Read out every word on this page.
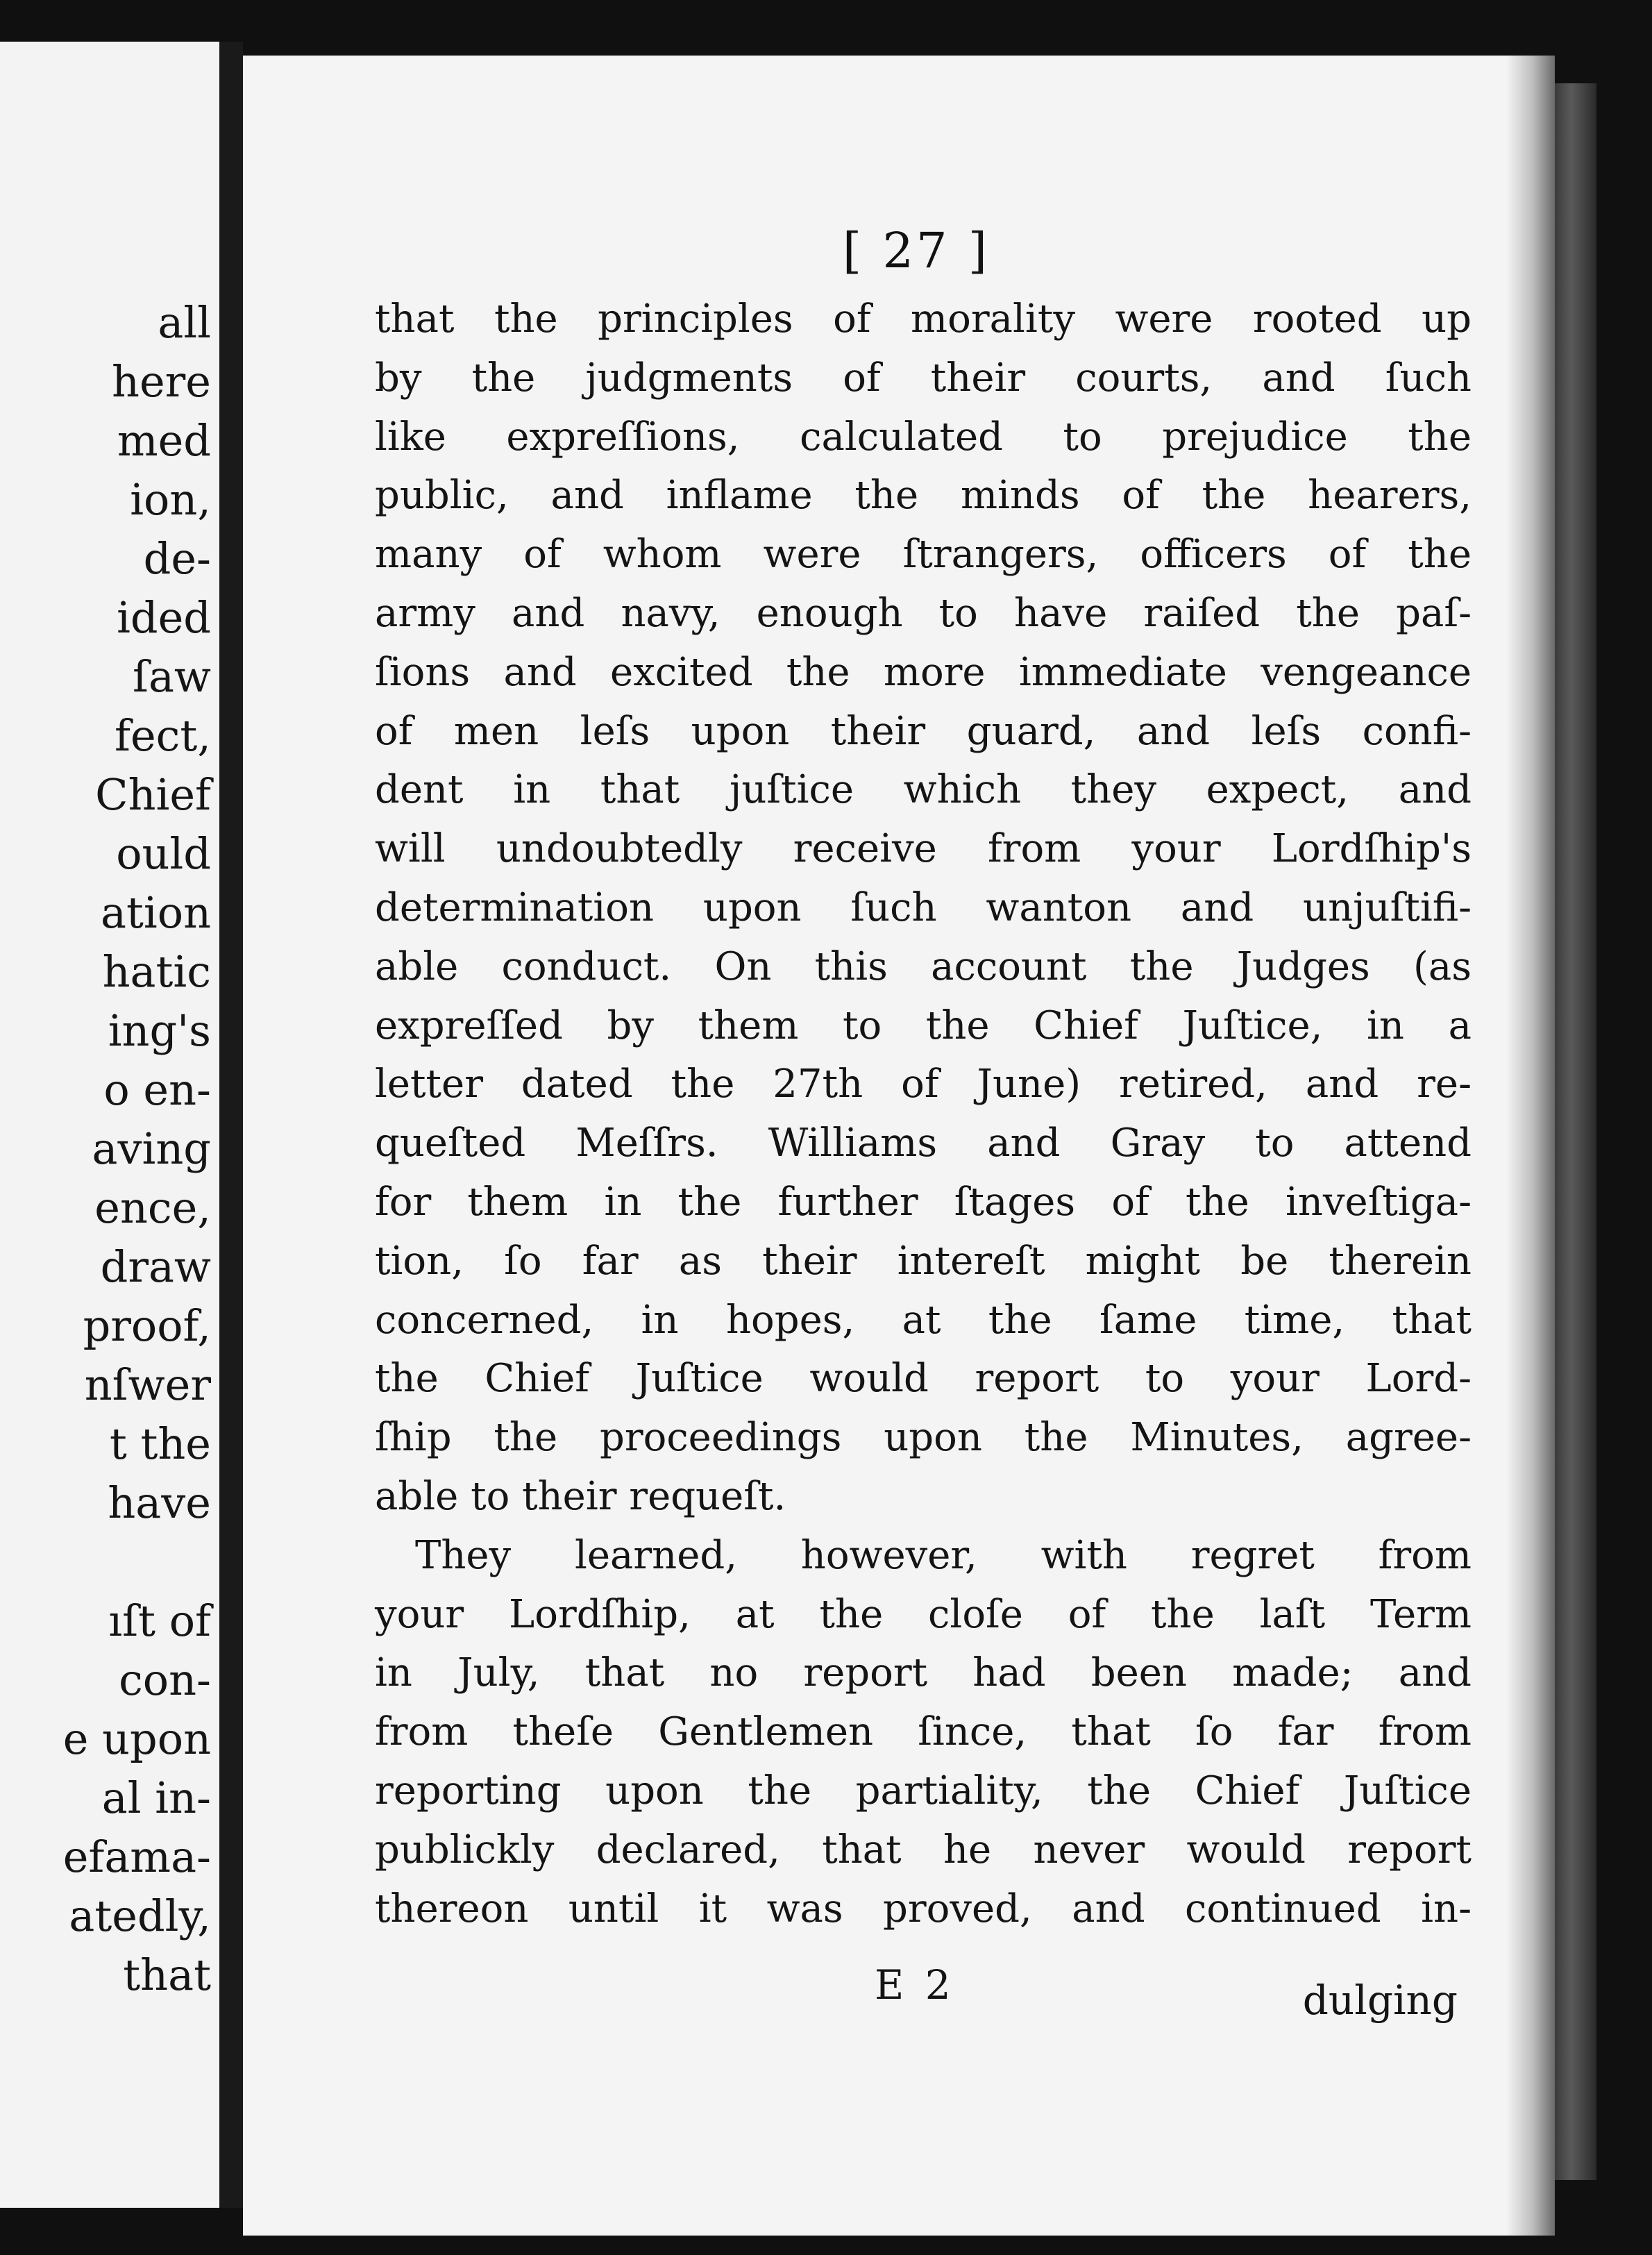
all
here
med
ion,
de-
ided
ſaw
fect,
Chief
ould
ation
hatic
ing's
o en-
aving
ence,
draw
proof,
nſwer
t the
have
ıſt of
con-
e upon
al in-
efama-
atedly,
that
[ 27 ]
that the principles of morality were rooted up
by the judgments of their courts, and ſuch
like expreſſions, calculated to prejudice the
public, and inflame the minds of the hearers,
many of whom were ſtrangers, officers of the
army and navy, enough to have raiſed the paſ-
ſions and excited the more immediate vengeance
of men leſs upon their guard, and leſs confi-
dent in that juſtice which they expect, and
will undoubtedly receive from your Lordſhip's
determination upon ſuch wanton and unjuſtifi-
able conduct. On this account the Judges (as
expreſſed by them to the Chief Juſtice, in a
letter dated the 27th of June) retired, and re-
queſted Meſſrs. Williams and Gray to attend
for them in the further ſtages of the inveſtiga-
tion, ſo far as their intereſt might be therein
concerned, in hopes, at the ſame time, that
the Chief Juſtice would report to your Lord-
ſhip the proceedings upon the Minutes, agree-
able to their requeſt.
They learned, however, with regret from
your Lordſhip, at the cloſe of the laſt Term
in July, that no report had been made; and
from theſe Gentlemen ſince, that ſo far from
reporting upon the partiality, the Chief Juſtice
publickly declared, that he never would report
thereon until it was proved, and continued in-
E 2	dulging
